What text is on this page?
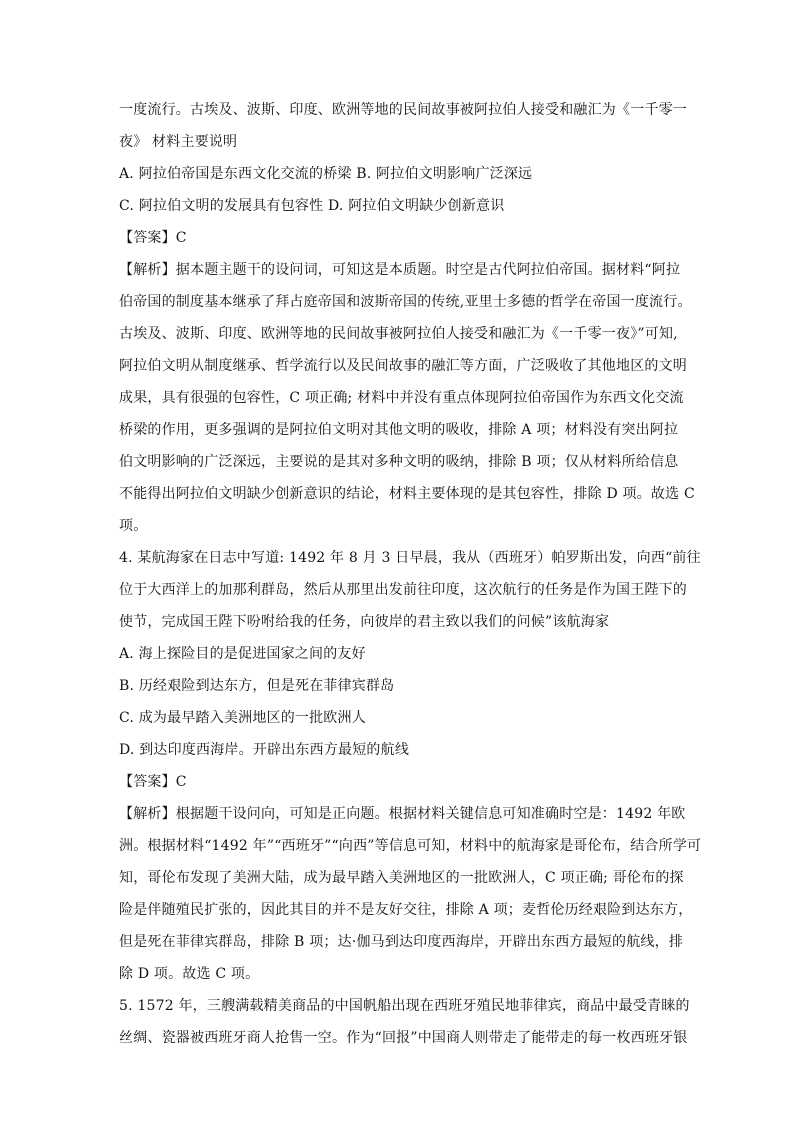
一度流行。古埃及、波斯、印度、欧洲等地的民间故事被阿拉伯人接受和融汇为《一千零一
夜》 材料主要说明
A. 阿拉伯帝国是东西文化交流的桥梁 B. 阿拉伯文明影响广泛深远
C. 阿拉伯文明的发展具有包容性 D. 阿拉伯文明缺少创新意识
【答案】C
【解析】据本题主题干的设问词，可知这是本质题。时空是古代阿拉伯帝国。据材料“阿拉
伯帝国的制度基本继承了拜占庭帝国和波斯帝国的传统,亚里士多德的哲学在帝国一度流行。
古埃及、波斯、印度、欧洲等地的民间故事被阿拉伯人接受和融汇为《一千零一夜》”可知,
阿拉伯文明从制度继承、哲学流行以及民间故事的融汇等方面，广泛吸收了其他地区的文明
成果，具有很强的包容性，C 项正确; 材料中并没有重点体现阿拉伯帝国作为东西文化交流
桥梁的作用，更多强调的是阿拉伯文明对其他文明的吸收，排除 A 项；材料没有突出阿拉
伯文明影响的广泛深远，主要说的是其对多种文明的吸纳，排除 B 项；仅从材料所给信息
不能得出阿拉伯文明缺少创新意识的结论，材料主要体现的是其包容性，排除 D 项。故选 C
项。
4. 某航海家在日志中写道: 1492 年 8 月 3 日早晨，我从（西班牙）帕罗斯出发，向西“前往
位于大西洋上的加那利群岛，然后从那里出发前往印度，这次航行的任务是作为国王陛下的
使节，完成国王陛下吩咐给我的任务，向彼岸的君主致以我们的问候”该航海家
A. 海上探险目的是促进国家之间的友好
B. 历经艰险到达东方，但是死在菲律宾群岛
C. 成为最早踏入美洲地区的一批欧洲人
D. 到达印度西海岸。开辟出东西方最短的航线
【答案】C
【解析】根据题干设问向，可知是正向题。根据材料关键信息可知准确时空是：1492 年欧
洲。根据材料“1492 年”“西班牙”“向西”等信息可知，材料中的航海家是哥伦布，结合所学可
知，哥伦布发现了美洲大陆，成为最早踏入美洲地区的一批欧洲人，C 项正确; 哥伦布的探
险是伴随殖民扩张的，因此其目的并不是友好交往，排除 A 项；麦哲伦历经艰险到达东方，
但是死在菲律宾群岛，排除 B 项；达·伽马到达印度西海岸，开辟出东西方最短的航线，排
除 D 项。故选 C 项。
5. 1572 年，三艘满载精美商品的中国帆船出现在西班牙殖民地菲律宾，商品中最受青睐的
丝绸、瓷器被西班牙商人抢售一空。作为“回报”中国商人则带走了能带走的每一枚西班牙银
